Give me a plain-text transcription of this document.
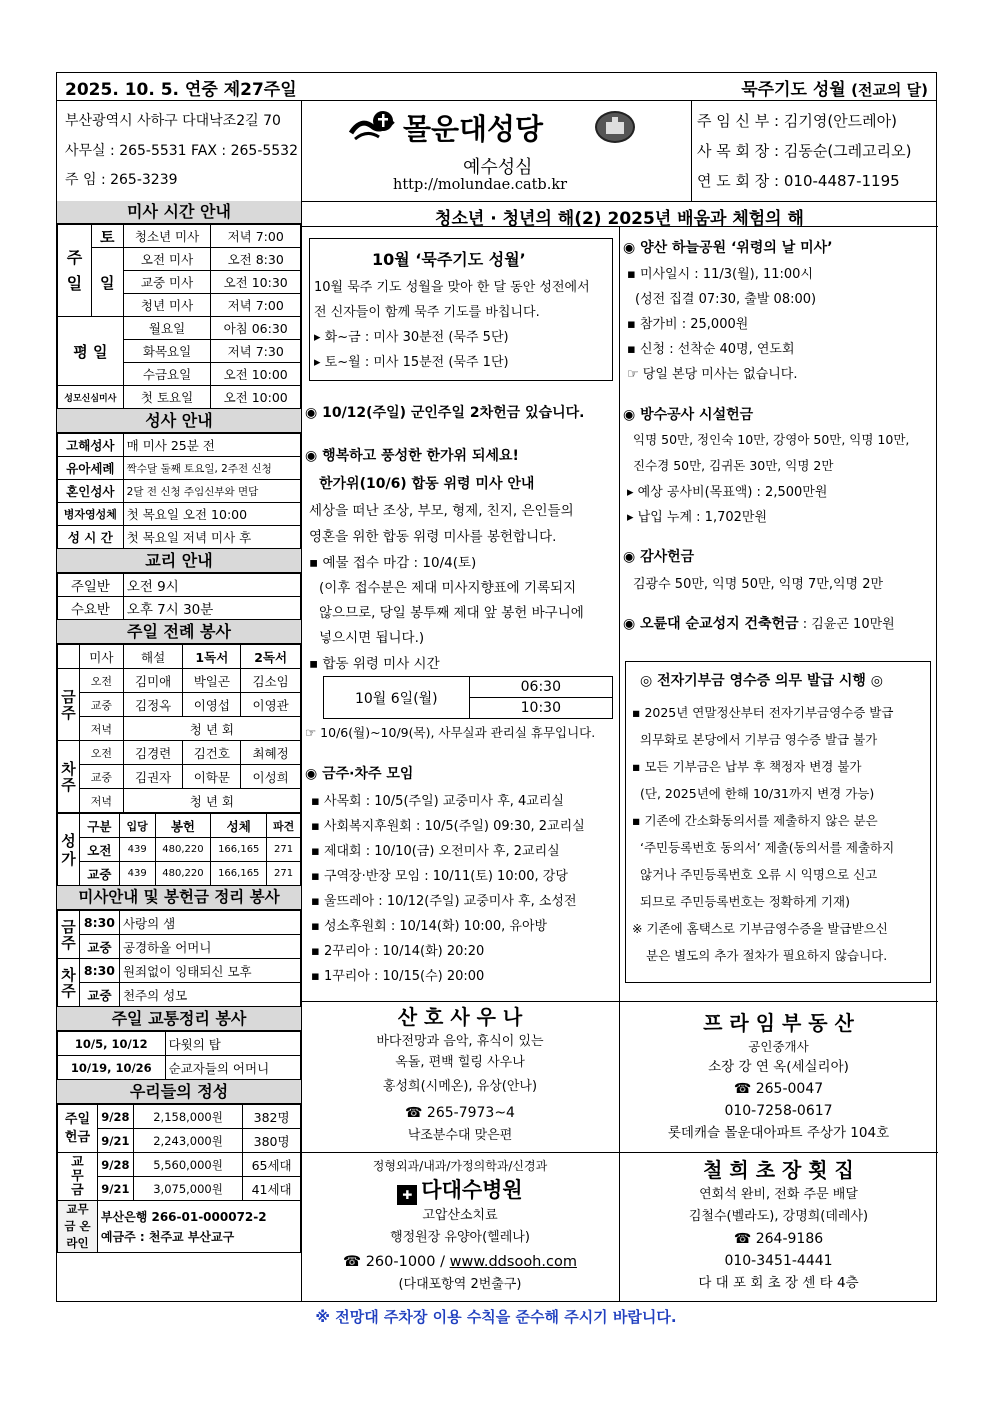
2025. 10. 5. 연중 제27주일	묵주기도 성월 (전교의 달)
부산광역시 사하구 다대낙조2길 70
사무실 : 265-5531 FAX : 265-5532
주 임 : 265-3239
몰운대성당
예수성심
http://molundae.catb.kr
주 임 신 부 : 김기영(안드레아)
사 목 회 장 : 김동순(그레고리오)
연 도 회 장 : 010-4487-1195
미사 시간 안내
주일	토	청소년 미사	저녁 7:00
	일	오전 미사	오전 8:30
		교중 미사	오전 10:30
		청년 미사	저녁 7:00
평 일		월요일	아침 06:30
		화목요일	저녁 7:30
		수금요일	오전 10:00
성모신심미사		첫 토요일	오전 10:00
성사 안내
고해성사	매 미사 25분 전
유아세례	짝수달 둘째 토요일, 2주전 신청
혼인성사	2달 전 신청 주임신부와 면담
병자영성체	첫 목요일 오전 10:00
성 시 간	첫 목요일 저녁 미사 후
교리 안내
주일반	오전 9시
수요반	오후 7시 30분
주일 전례 봉사
	미사	해설	1독서	2독서
금주	오전	김미애	박일곤	김소임
	교중	김정옥	이영섭	이영관
	저녁	청 년 회		
차주	오전	김경련	김건호	최혜정
	교중	김권자	이학문	이성희
	저녁	청 년 회		
성가	구분	입당	봉헌	성체	파견
	오전	439	480,220	166,165	271
	교중	439	480,220	166,165	271
미사안내 및 봉헌금 정리 봉사
금주	8:30	사랑의 샘
	교중	공경하올 어머니
차주	8:30	원죄없이 잉태되신 모후
	교중	천주의 성모
주일 교통정리 봉사
10/5, 10/12	다윗의 탑
10/19, 10/26	순교자들의 어머니
우리들의 정성
주일헌금	9/28	2,158,000원	382명
	9/21	2,243,000원	380명
교무금	9/28	5,560,000원	65세대
	9/21	3,075,000원	41세대
교무금 온라인	부산은행 266-01-000072-2
예금주 : 천주교 부산교구		
청소년 · 청년의 해(2) 2025년 배움과 체험의 해
10월 ‘묵주기도 성월’
10월 묵주 기도 성월을 맞아 한 달 동안 성전에서
전 신자들이 함께 묵주 기도를 바칩니다.
▸ 화~금 : 미사 30분전 (묵주 5단)
▸ 토~월 : 미사 15분전 (묵주 1단)
◉ 10/12(주일) 군인주일 2차헌금 있습니다.
◉ 행복하고 풍성한 한가위 되세요!
한가위(10/6) 합동 위령 미사 안내
세상을 떠난 조상, 부모, 형제, 친지, 은인들의
영혼을 위한 합동 위령 미사를 봉헌합니다.
▪ 예물 접수 마감 : 10/4(토)
(이후 접수분은 제대 미사지향표에 기록되지
않으므로, 당일 봉투째 제대 앞 봉헌 바구니에
넣으시면 됩니다.)
▪ 합동 위령 미사 시간
10월 6일(월)	06:30
10:30
☞ 10/6(월)~10/9(목), 사무실과 관리실 휴무입니다.
◉ 금주·차주 모임
▪ 사목회 : 10/5(주일) 교중미사 후, 4교리실
▪ 사회복지후원회 : 10/5(주일) 09:30, 2교리실
▪ 제대회 : 10/10(금) 오전미사 후, 2교리실
▪ 구역장·반장 모임 : 10/11(토) 10:00, 강당
▪ 울뜨레아 : 10/12(주일) 교중미사 후, 소성전
▪ 성소후원회 : 10/14(화) 10:00, 유아방
▪ 2꾸리아 : 10/14(화) 20:20
▪ 1꾸리아 : 10/15(수) 20:00
◉ 양산 하늘공원 ‘위령의 날 미사’
▪ 미사일시 : 11/3(월), 11:00시
(성전 집결 07:30, 출발 08:00)
▪ 참가비 : 25,000원
▪ 신청 : 선착순 40명, 연도회
☞ 당일 본당 미사는 없습니다.
◉ 방수공사 시설헌금
익명 50만, 정인숙 10만, 강영아 50만, 익명 10만,
진수경 50만, 김귀돈 30만, 익명 2만
▸ 예상 공사비(목표액) : 2,500만원
▸ 납입 누계 : 1,702만원
◉ 감사헌금
김광수 50만, 익명 50만, 익명 7만,익명 2만
◉ 오륜대 순교성지 건축헌금 : 김윤곤 10만원
◎ 전자기부금 영수증 의무 발급 시행 ◎
▪ 2025년 연말정산부터 전자기부금영수증 발급
의무화로 본당에서 기부금 영수증 발급 불가
▪ 모든 기부금은 납부 후 책정자 변경 불가
(단, 2025년에 한해 10/31까지 변경 가능)
▪ 기존에 간소화동의서를 제출하지 않은 분은
‘주민등록번호 동의서’ 제출(동의서를 제출하지
않거나 주민등록번호 오류 시 익명으로 신고
되므로 주민등록번호는 정확하게 기재)
※ 기존에 홈택스로 기부금영수증을 발급받으신
분은 별도의 추가 절차가 필요하지 않습니다.
산 호 사 우 나
바다전망과 음악, 휴식이 있는
옥돌, 편백 힐링 사우나
홍성희(시메온), 유상(안나)
☎ 265-7973~4
낙조분수대 맞은편
프 라 임 부 동 산
공인중개사
소장 강 연 옥(세실리아)
☎ 265-0047
010-7258-0617
롯데캐슬 몰운대아파트 주상가 104호
정형외과/내과/가정의학과/신경과
✚ 다대수병원
고압산소치료
행정원장 유양아(헬레나)
☎ 260-1000 / www.ddsooh.com
(다대포항역 2번출구)
철 희 초 장 횟 집
연회석 완비, 전화 주문 배달
김철수(벨라도), 강명희(데레사)
☎ 264-9186
010-3451-4441
다 대 포 회 초 장 센 타 4층
※ 전망대 주차장 이용 수칙을 준수해 주시기 바랍니다.
